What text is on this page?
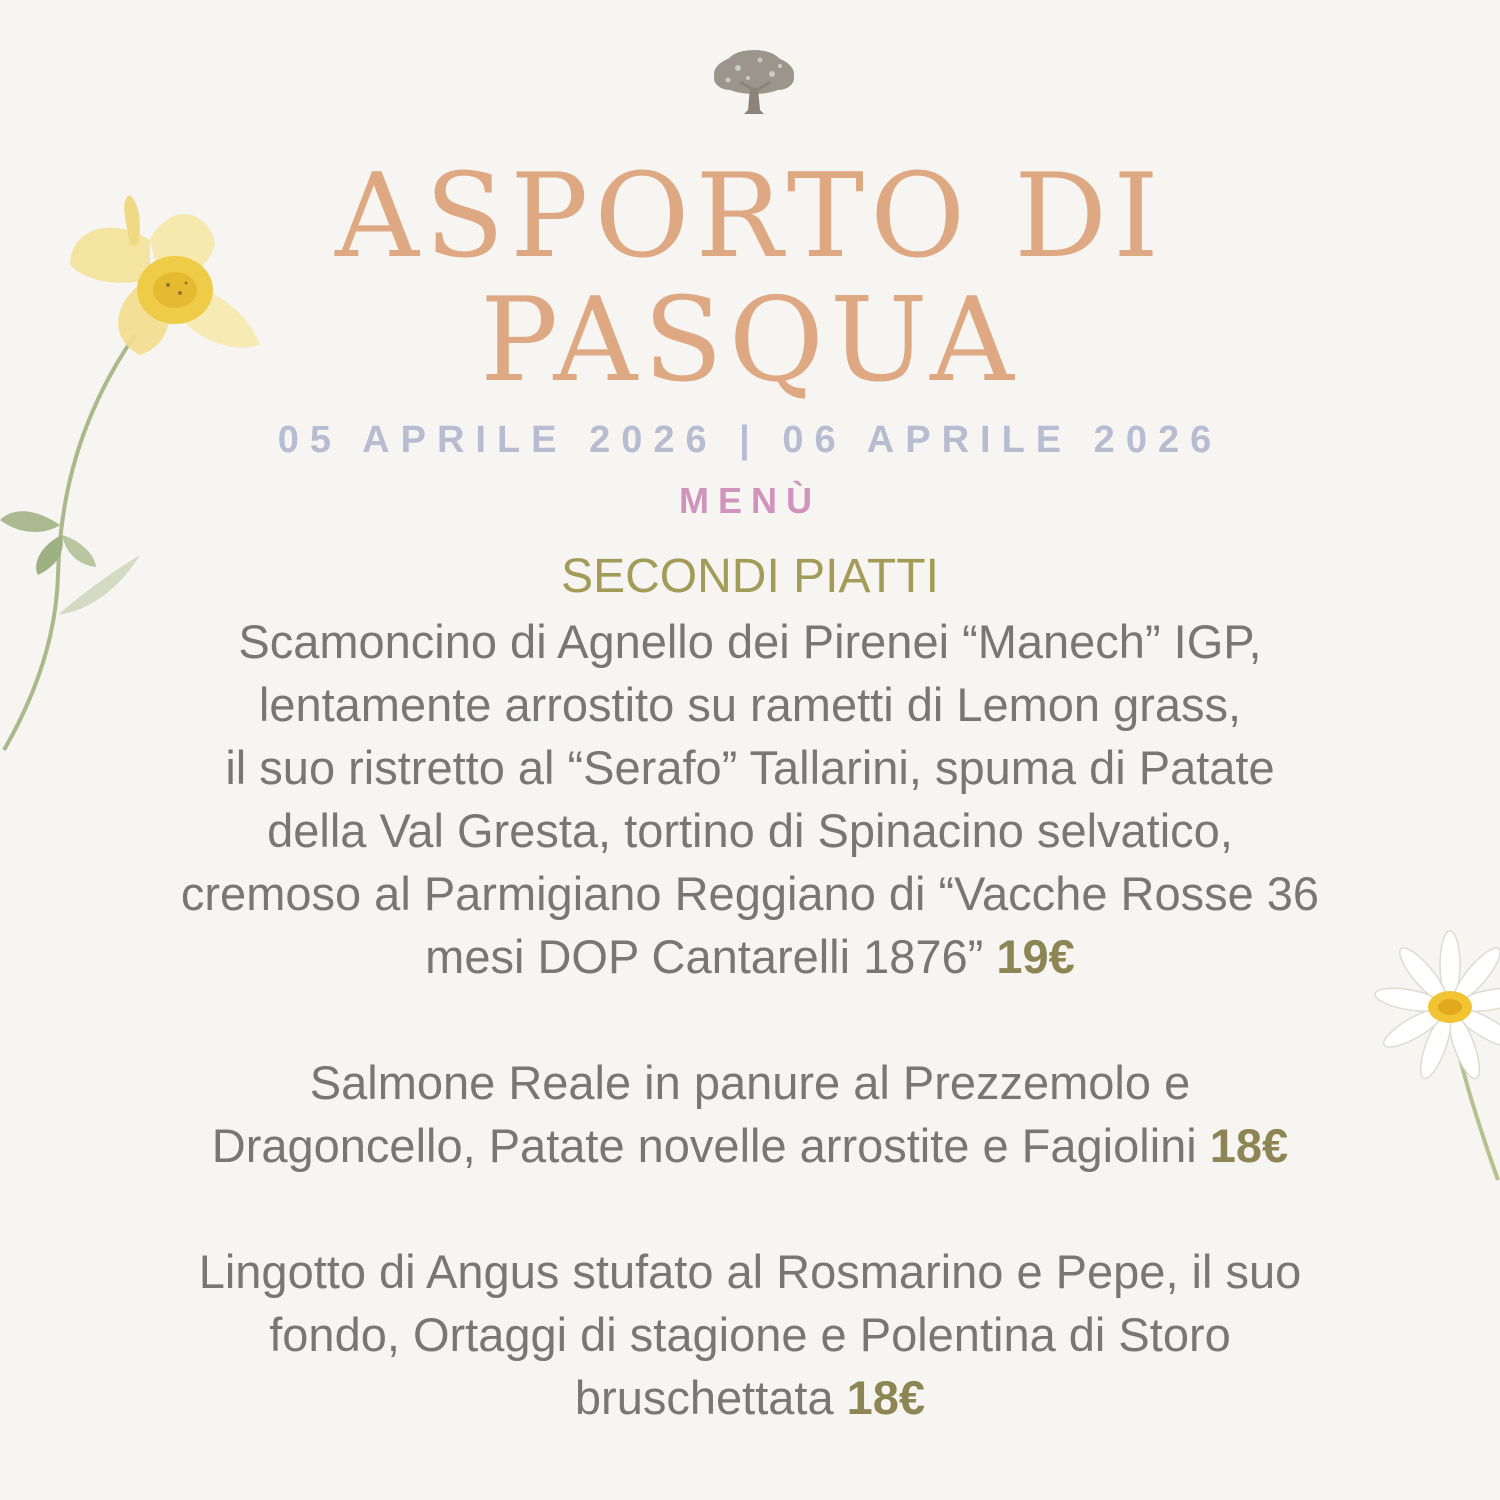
ASPORTO DI
PASQUA
05 APRILE 2026 | 06 APRILE 2026
MENÙ
SECONDI PIATTI
Scamoncino di Agnello dei Pirenei “Manech” IGP,
lentamente arrostito su rametti di Lemon grass,
il suo ristretto al “Serafo” Tallarini, spuma di Patate
della Val Gresta, tortino di Spinacino selvatico,
cremoso al Parmigiano Reggiano di “Vacche Rosse 36
mesi DOP Cantarelli 1876” 19€
Salmone Reale in panure al Prezzemolo e
Dragoncello, Patate novelle arrostite e Fagiolini 18€
Lingotto di Angus stufato al Rosmarino e Pepe, il suo
fondo, Ortaggi di stagione e Polentina di Storo
bruschettata 18€
